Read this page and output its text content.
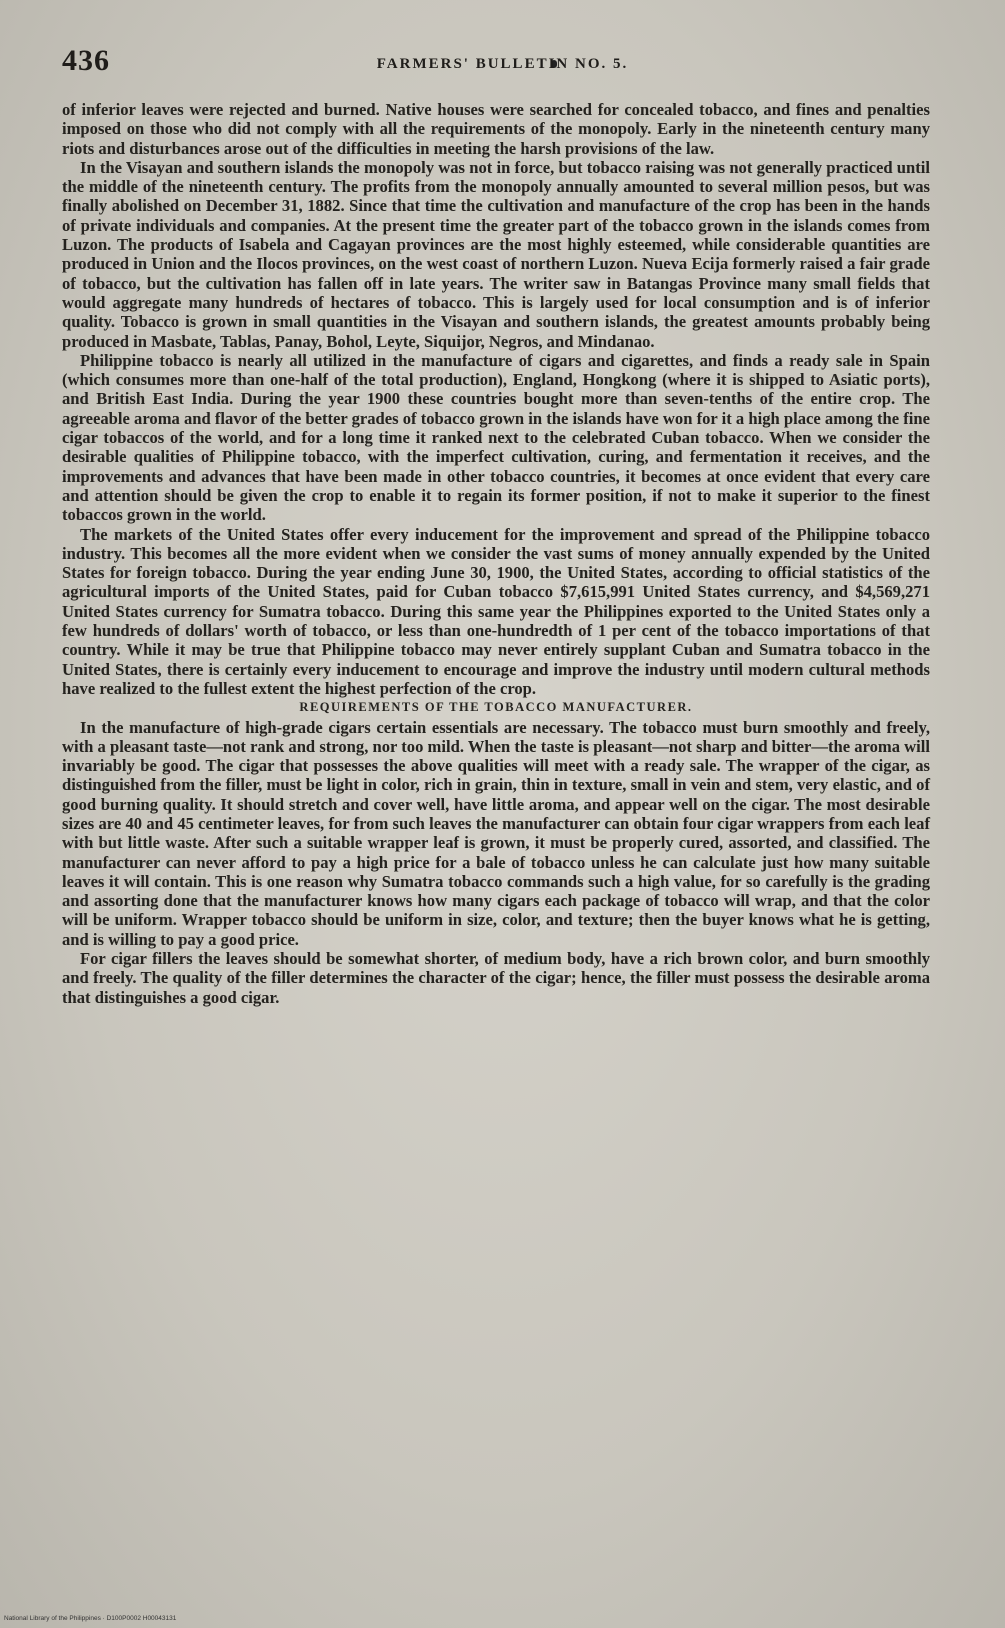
436	FARMERS' BULLETIN NO. 5.

of inferior leaves were rejected and burned. Native houses were searched for concealed tobacco, and fines and penalties imposed on those who did not comply with all the requirements of the monopoly. Early in the nineteenth century many riots and disturbances arose out of the difficulties in meeting the harsh provisions of the law.

In the Visayan and southern islands the monopoly was not in force, but tobacco raising was not generally practiced until the middle of the nineteenth century. The profits from the monopoly annually amounted to several million pesos, but was finally abolished on December 31, 1882. Since that time the cultivation and manufacture of the crop has been in the hands of private individuals and companies. At the present time the greater part of the tobacco grown in the islands comes from Luzon. The products of Isabela and Cagayan provinces are the most highly esteemed, while considerable quantities are produced in Union and the Ilocos provinces, on the west coast of northern Luzon. Nueva Ecija formerly raised a fair grade of tobacco, but the cultivation has fallen off in late years. The writer saw in Batangas Province many small fields that would aggregate many hundreds of hectares of tobacco. This is largely used for local consumption and is of inferior quality. Tobacco is grown in small quantities in the Visayan and southern islands, the greatest amounts probably being produced in Masbate, Tablas, Panay, Bohol, Leyte, Siquijor, Negros, and Mindanao.

Philippine tobacco is nearly all utilized in the manufacture of cigars and cigarettes, and finds a ready sale in Spain (which consumes more than one-half of the total production), England, Hongkong (where it is shipped to Asiatic ports), and British East India. During the year 1900 these countries bought more than seven-tenths of the entire crop. The agreeable aroma and flavor of the better grades of tobacco grown in the islands have won for it a high place among the fine cigar tobaccos of the world, and for a long time it ranked next to the celebrated Cuban tobacco. When we consider the desirable qualities of Philippine tobacco, with the imperfect cultivation, curing, and fermentation it receives, and the improvements and advances that have been made in other tobacco countries, it becomes at once evident that every care and attention should be given the crop to enable it to regain its former position, if not to make it superior to the finest tobaccos grown in the world.

The markets of the United States offer every inducement for the improvement and spread of the Philippine tobacco industry. This becomes all the more evident when we consider the vast sums of money annually expended by the United States for foreign tobacco. During the year ending June 30, 1900, the United States, according to official statistics of the agricultural imports of the United States, paid for Cuban tobacco $7,615,991 United States currency, and $4,569,271 United States currency for Sumatra tobacco. During this same year the Philippines exported to the United States only a few hundreds of dollars' worth of tobacco, or less than one-hundredth of 1 per cent of the tobacco importations of that country. While it may be true that Philippine tobacco may never entirely supplant Cuban and Sumatra tobacco in the United States, there is certainly every inducement to encourage and improve the industry until modern cultural methods have realized to the fullest extent the highest perfection of the crop.

REQUIREMENTS OF THE TOBACCO MANUFACTURER.

In the manufacture of high-grade cigars certain essentials are necessary. The tobacco must burn smoothly and freely, with a pleasant taste—not rank and strong, nor too mild. When the taste is pleasant—not sharp and bitter—the aroma will invariably be good. The cigar that possesses the above qualities will meet with a ready sale. The wrapper of the cigar, as distinguished from the filler, must be light in color, rich in grain, thin in texture, small in vein and stem, very elastic, and of good burning quality. It should stretch and cover well, have little aroma, and appear well on the cigar. The most desirable sizes are 40 and 45 centimeter leaves, for from such leaves the manufacturer can obtain four cigar wrappers from each leaf with but little waste. After such a suitable wrapper leaf is grown, it must be properly cured, assorted, and classified. The manufacturer can never afford to pay a high price for a bale of tobacco unless he can calculate just how many suitable leaves it will contain. This is one reason why Sumatra tobacco commands such a high value, for so carefully is the grading and assorting done that the manufacturer knows how many cigars each package of tobacco will wrap, and that the color will be uniform. Wrapper tobacco should be uniform in size, color, and texture; then the buyer knows what he is getting, and is willing to pay a good price.

For cigar fillers the leaves should be somewhat shorter, of medium body, have a rich brown color, and burn smoothly and freely. The quality of the filler determines the character of the cigar; hence, the filler must possess the desirable aroma that distinguishes a good cigar.

National Library of the Philippines · D100P0002 H00043131
